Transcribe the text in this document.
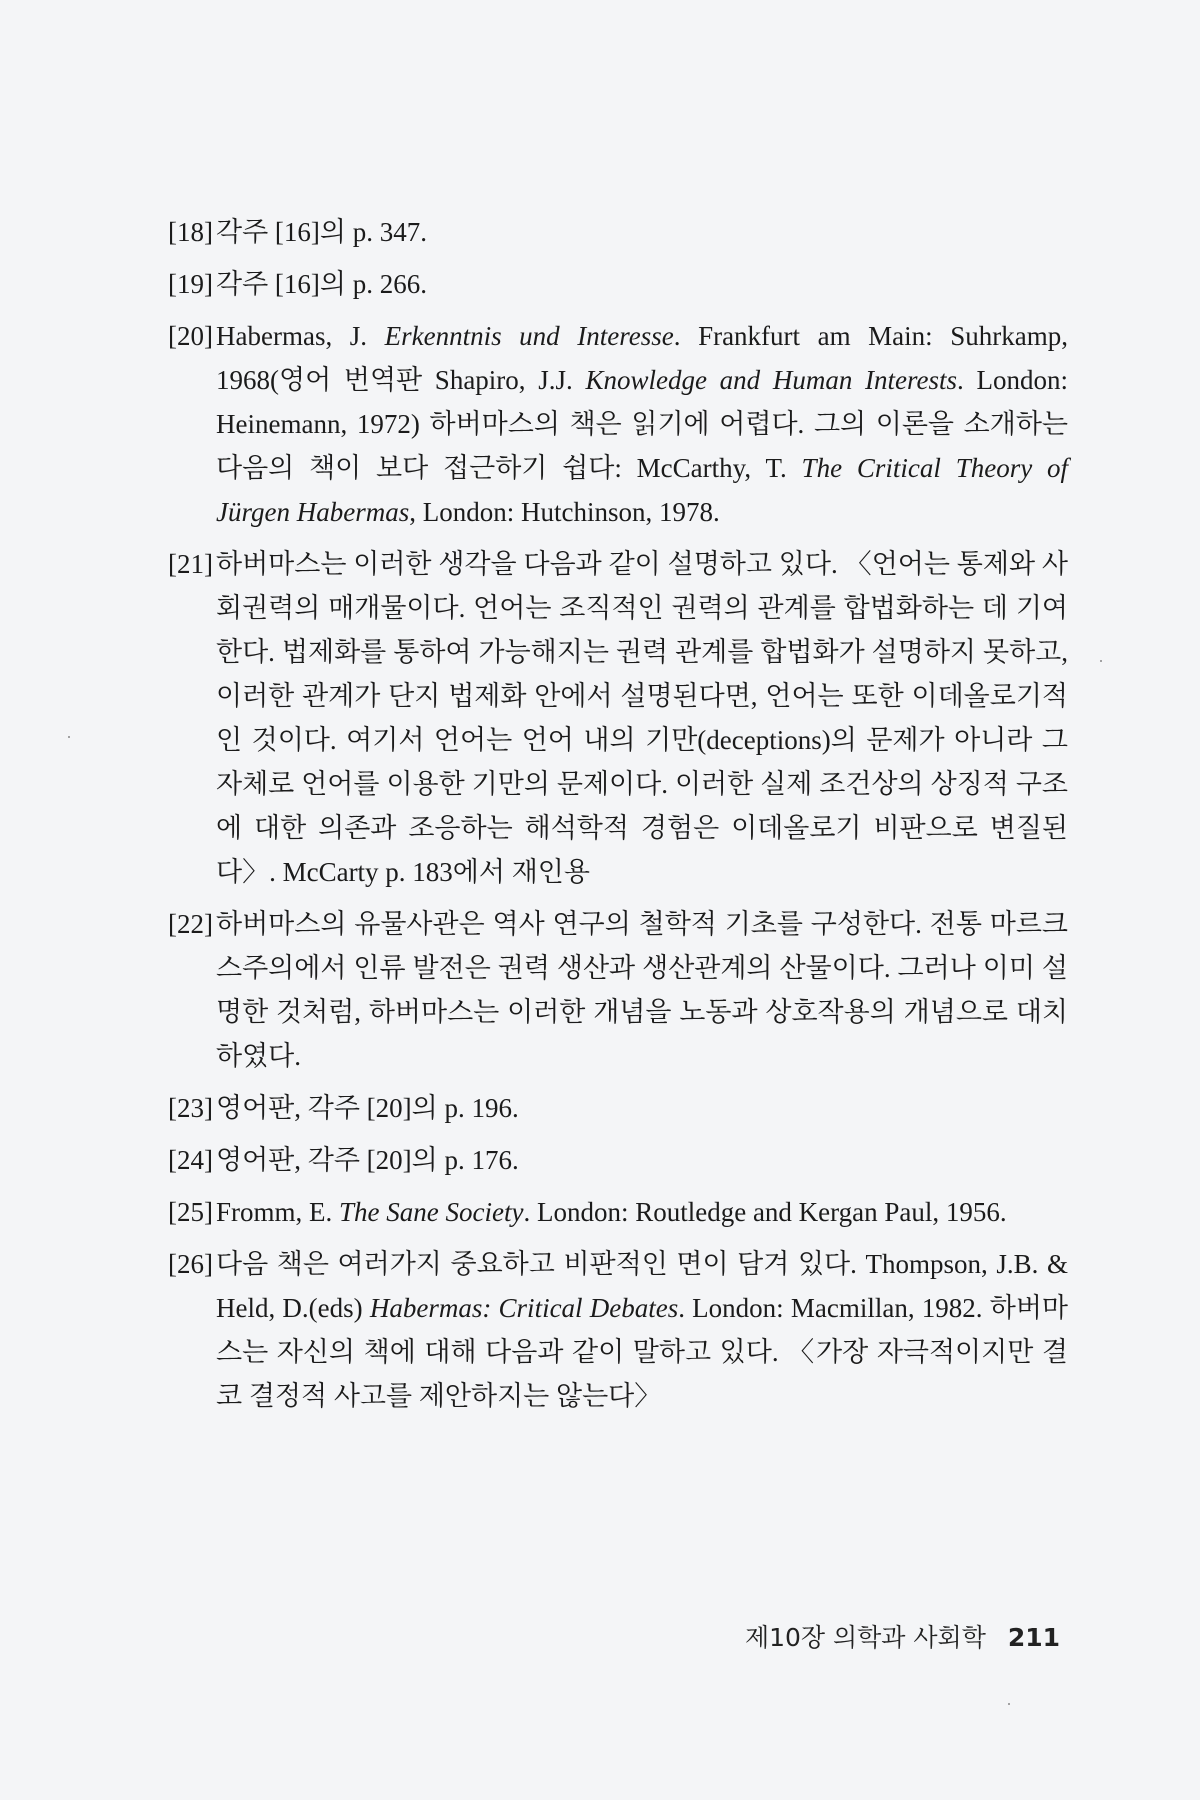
[18] 각주 [16]의 p. 347.
[19] 각주 [16]의 p. 266.
[20] Habermas, J. Erkenntnis und Interesse. Frankfurt am Main: Suhrkamp, 1968(영어 번역판 Shapiro, J.J. Knowledge and Human Interests. London: Heinemann, 1972) 하버마스의 책은 읽기에 어렵다. 그의 이론을 소개하는 다음의 책이 보다 접근하기 쉽다: McCarthy, T. The Critical Theory of Jürgen Habermas, London: Hutchinson, 1978.
[21] 하버마스는 이러한 생각을 다음과 같이 설명하고 있다. 〈언어는 통제와 사회권력의 매개물이다. 언어는 조직적인 권력의 관계를 합법화하는 데 기여한다. 법제화를 통하여 가능해지는 권력 관계를 합법화가 설명하지 못하고, 이러한 관계가 단지 법제화 안에서 설명된다면, 언어는 또한 이데올로기적인 것이다. 여기서 언어는 언어 내의 기만(deceptions)의 문제가 아니라 그 자체로 언어를 이용한 기만의 문제이다. 이러한 실제 조건상의 상징적 구조에 대한 의존과 조응하는 해석학적 경험은 이데올로기 비판으로 변질된다〉. McCarty p. 183에서 재인용
[22] 하버마스의 유물사관은 역사 연구의 철학적 기초를 구성한다. 전통 마르크스주의에서 인류 발전은 권력 생산과 생산관계의 산물이다. 그러나 이미 설명한 것처럼, 하버마스는 이러한 개념을 노동과 상호작용의 개념으로 대치하였다.
[23] 영어판, 각주 [20]의 p. 196.
[24] 영어판, 각주 [20]의 p. 176.
[25] Fromm, E. The Sane Society. London: Routledge and Kergan Paul, 1956.
[26] 다음 책은 여러가지 중요하고 비판적인 면이 담겨 있다. Thompson, J.B. & Held, D.(eds) Habermas: Critical Debates. London: Macmillan, 1982. 하버마스는 자신의 책에 대해 다음과 같이 말하고 있다. 〈가장 자극적이지만 결코 결정적 사고를 제안하지는 않는다〉
제10장 의학과 사회학 211
